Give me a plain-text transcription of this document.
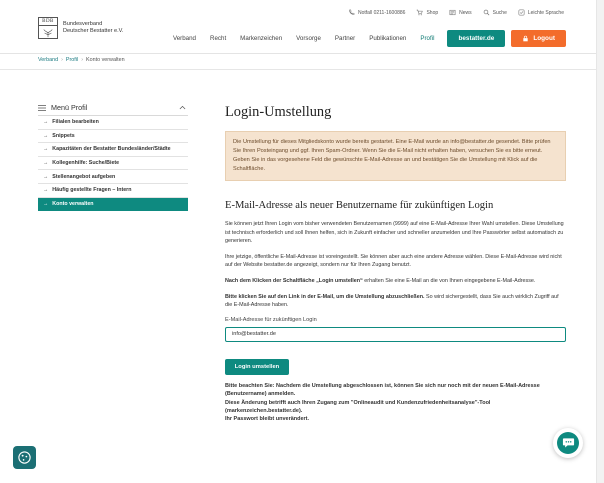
BDB	Bundesverband
Deutscher Bestatter e.V.
Notfall 0211-1600886	Shop	News	Suche	Leichte Sprache
Verband	Recht	Markenzeichen	Vorsorge	Partner	Publikationen	Profil	bestatter.de	Logout
Verband › Profil › Konto verwalten
Menü Profil
→ Filialen bearbeiten
→ Snippets
→ Kapazitäten der Bestatter Bundesländer/Städte
→ Kollegenhilfe: Suche/Biete
→ Stellenangebot aufgeben
→ Häufig gestellte Fragen – Intern
→ Konto verwalten
Login-Umstellung
Die Umstellung für dieses Mitgliedskonto wurde bereits gestartet. Eine E-Mail wurde an info@bestatter.de gesendet. Bitte prüfen Sie Ihren Posteingang und ggf. Ihren Spam-Ordner. Wenn Sie die E-Mail nicht erhalten haben, versuchen Sie es bitte erneut. Geben Sie in das vorgesehene Feld die gewünschte E-Mail-Adresse an und bestätigen Sie die Umstellung mit Klick auf die Schaltfläche.
E-Mail-Adresse als neuer Benutzername für zukünftigen Login
Sie können jetzt Ihren Login vom bisher verwendeten Benutzernamen (9999) auf eine E-Mail-Adresse Ihrer Wahl umstellen. Diese Umstellung ist technisch erforderlich und soll Ihnen helfen, sich in Zukunft einfacher und schneller anzumelden und Ihre Passwörter selbst automatisch zu generieren.
Ihre jetzige, öffentliche E-Mail-Adresse ist voreingestellt. Sie können aber auch eine andere Adresse wählen. Diese E-Mail-Adresse wird nicht auf der Website bestatter.de angezeigt, sondern nur für Ihren Zugang benutzt.
Nach dem Klicken der Schaltfläche „Login umstellen“ erhalten Sie eine E-Mail an die von Ihnen eingegebene E-Mail-Adresse.
Bitte klicken Sie auf den Link in der E-Mail, um die Umstellung abzuschließen. So wird sichergestellt, dass Sie auch wirklich Zugriff auf die E-Mail-Adresse haben.
E-Mail-Adresse für zukünftigen Login
info@bestatter.de
Login umstellen
Bitte beachten Sie: Nachdem die Umstellung abgeschlossen ist, können Sie sich nur noch mit der neuen E-Mail-Adresse (Benutzername) anmelden.
Diese Änderung betrifft auch Ihren Zugang zum "Onlineaudit und Kundenzufriedenheitsanalyse"-Tool (markenzeichen.bestatter.de).
Ihr Passwort bleibt unverändert.
